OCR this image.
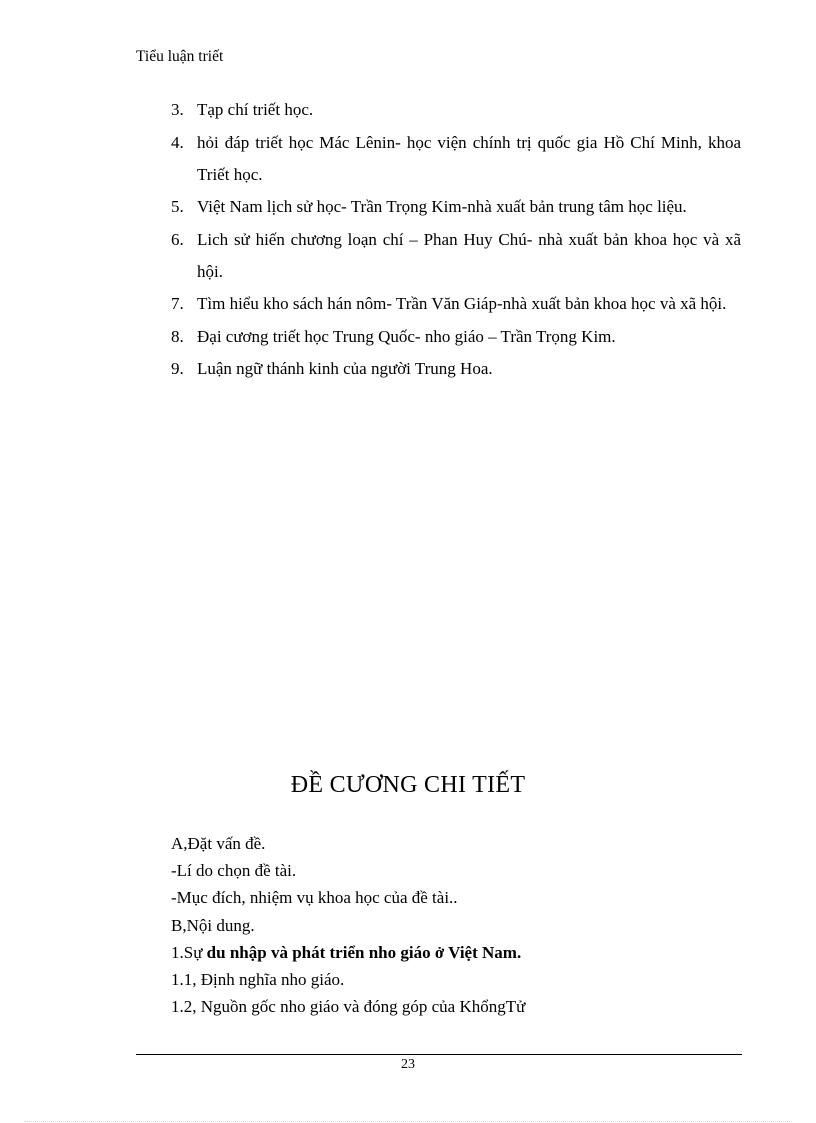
Tiểu luận triết

3. Tạp chí triết học.
4. hỏi đáp triết học Mác Lênin- học viện chính trị quốc gia Hồ Chí Minh, khoa Triết học.
5. Việt Nam lịch sử học- Trần Trọng Kim-nhà xuất bản trung tâm học liệu.
6. Lich sử hiến chương loạn chí – Phan Huy Chú- nhà xuất bản khoa học và xã hội.
7. Tìm hiểu kho sách hán nôm- Trần Văn Giáp-nhà xuất bản khoa học và xã hội.
8. Đại cương triết học Trung Quốc- nho giáo – Trần Trọng Kim.
9. Luận ngữ thánh kinh của người Trung Hoa.
ĐỀ CƯƠNG CHI TIẾT

A,Đặt vấn đề.

-Lí do chọn đề tài.

-Mục đích, nhiệm vụ khoa học của đề tài..

B,Nội dung.

1.Sự du nhập và phát triển nho giáo ở Việt Nam.

1.1, Định nghĩa nho giáo.

1.2, Nguồn gốc nho giáo và đóng góp của KhổngTử

23
